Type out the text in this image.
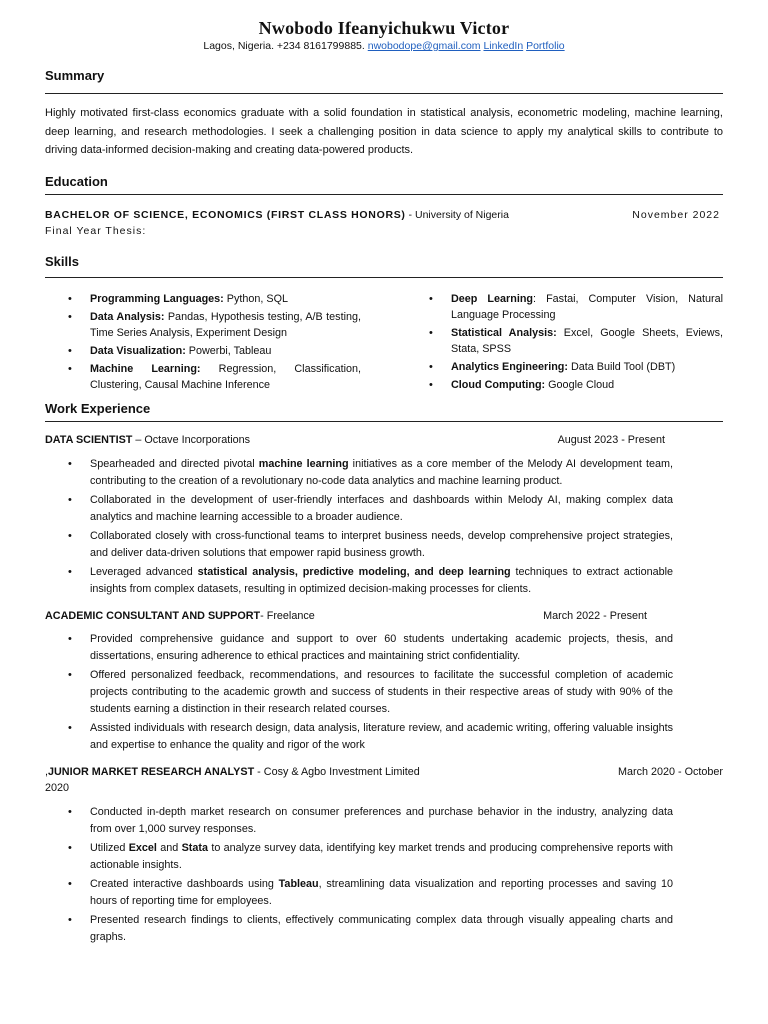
Nwobodo Ifeanyichukwu Victor
Lagos, Nigeria. +234 8161799885. nwobodope@gmail.com LinkedIn Portfolio
Summary
Highly motivated first-class economics graduate with a solid foundation in statistical analysis, econometric modeling, machine learning, deep learning, and research methodologies. I seek a challenging position in data science to apply my analytical skills to contribute to driving data-informed decision-making and creating data-powered products.
Education
BACHELOR OF SCIENCE, ECONOMICS (FIRST CLASS HONORS) - University of Nigeria	November 2022
Final Year Thesis:
Skills
• Programming Languages: Python, SQL
• Data Analysis: Pandas, Hypothesis testing, A/B testing, Time Series Analysis, Experiment Design
• Data Visualization: Powerbi, Tableau
• Machine Learning: Regression, Classification, Clustering, Causal Machine Inference
• Deep Learning: Fastai, Computer Vision, Natural Language Processing
• Statistical Analysis: Excel, Google Sheets, Eviews, Stata, SPSS
• Analytics Engineering: Data Build Tool (DBT)
• Cloud Computing: Google Cloud
Work Experience
DATA SCIENTIST – Octave Incorporations	August 2023 - Present
• Spearheaded and directed pivotal machine learning initiatives as a core member of the Melody AI development team, contributing to the creation of a revolutionary no-code data analytics and machine learning product.
• Collaborated in the development of user-friendly interfaces and dashboards within Melody AI, making complex data analytics and machine learning accessible to a broader audience.
• Collaborated closely with cross-functional teams to interpret business needs, develop comprehensive project strategies, and deliver data-driven solutions that empower rapid business growth.
• Leveraged advanced statistical analysis, predictive modeling, and deep learning techniques to extract actionable insights from complex datasets, resulting in optimized decision-making processes for clients.
ACADEMIC CONSULTANT AND SUPPORT- Freelance	March 2022 - Present
• Provided comprehensive guidance and support to over 60 students undertaking academic projects, thesis, and dissertations, ensuring adherence to ethical practices and maintaining strict confidentiality.
• Offered personalized feedback, recommendations, and resources to facilitate the successful completion of academic projects contributing to the academic growth and success of students in their respective areas of study with 90% of the students earning a distinction in their research related courses.
• Assisted individuals with research design, data analysis, literature review, and academic writing, offering valuable insights and expertise to enhance the quality and rigor of the work
,JUNIOR MARKET RESEARCH ANALYST - Cosy & Agbo Investment Limited	March 2020 - October
2020
• Conducted in-depth market research on consumer preferences and purchase behavior in the industry, analyzing data from over 1,000 survey responses.
• Utilized Excel and Stata to analyze survey data, identifying key market trends and producing comprehensive reports with actionable insights.
• Created interactive dashboards using Tableau, streamlining data visualization and reporting processes and saving 10 hours of reporting time for employees.
• Presented research findings to clients, effectively communicating complex data through visually appealing charts and graphs.
